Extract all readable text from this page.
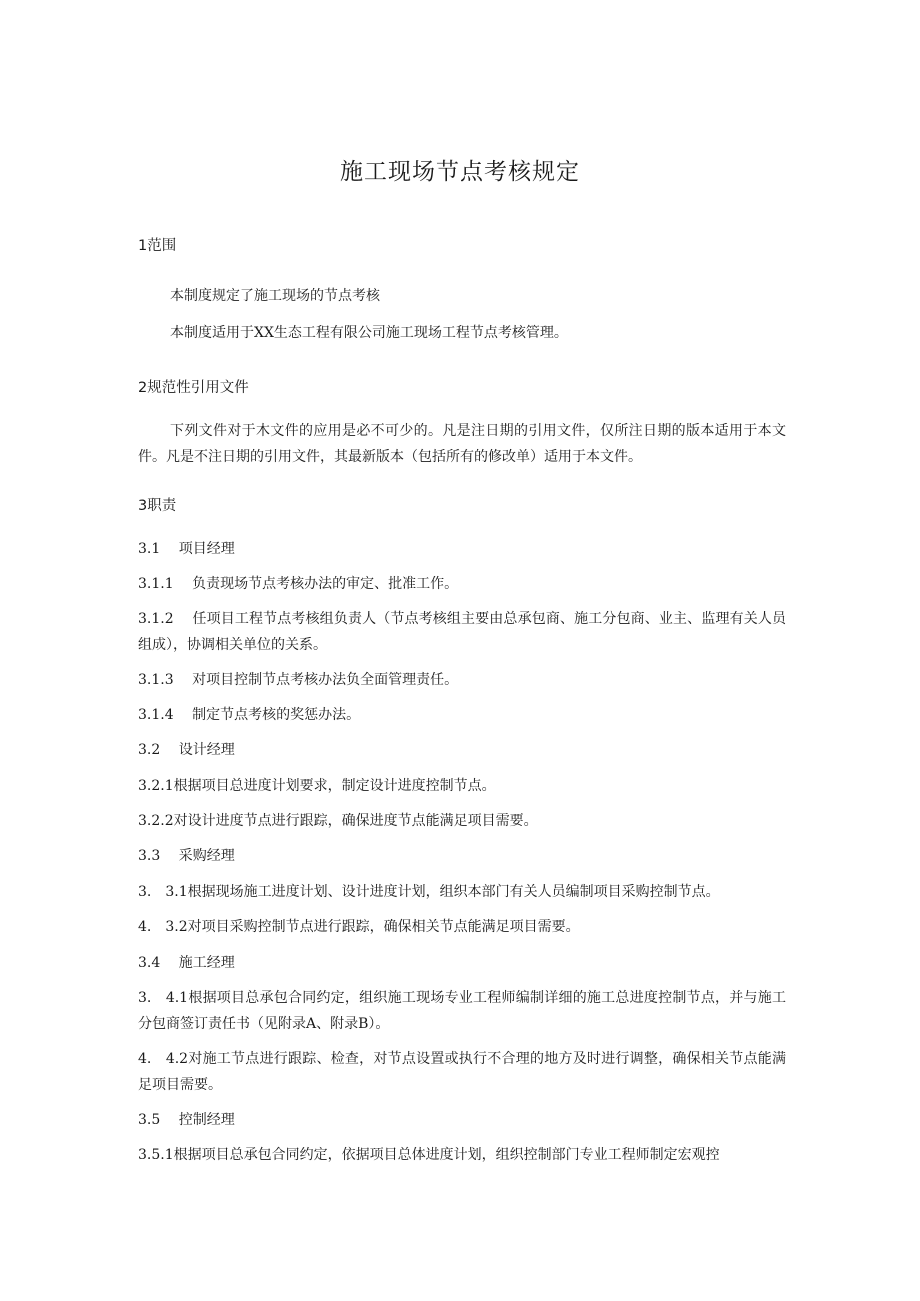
施工现场节点考核规定
1范围

本制度规定了施工现场的节点考核

本制度适用于XX生态工程有限公司施工现场工程节点考核管理。

2规范性引用文件

下列文件对于木文件的应用是必不可少的。凡是注日期的引用文件，仅所注日期的版本适用于本文件。凡是不注日期的引用文件，其最新版本（包括所有的修改单）适用于本文件。

3职责

3.1　 项目经理

3.1.1　 负责现场节点考核办法的审定、批准工作。

3.1.2　 任项目工程节点考核组负责人（节点考核组主要由总承包商、施工分包商、业主、监理有关人员组成），协调相关单位的关系。

3.1.3　 对项目控制节点考核办法负全面管理责任。

3.1.4　 制定节点考核的奖惩办法。

3.2　 设计经理

3.2.1根据项目总进度计划要求，制定设计进度控制节点。

3.2.2对设计进度节点进行跟踪，确保进度节点能满足项目需要。

3.3　 采购经理

3.　3.1根据现场施工进度计划、设计进度计划，组织本部门有关人员编制项目采购控制节点。

4.　3.2对项目采购控制节点进行跟踪，确保相关节点能满足项目需要。

3.4　 施工经理

3.　4.1根据项目总承包合同约定，组织施工现场专业工程师编制详细的施工总进度控制节点，并与施工分包商签订责任书（见附录A、附录B）。

4.　4.2对施工节点进行跟踪、检查，对节点设置或执行不合理的地方及时进行调整，确保相关节点能满足项目需要。

3.5　 控制经理

3.5.1根据项目总承包合同约定，依据项目总体进度计划，组织控制部门专业工程师制定宏观控
